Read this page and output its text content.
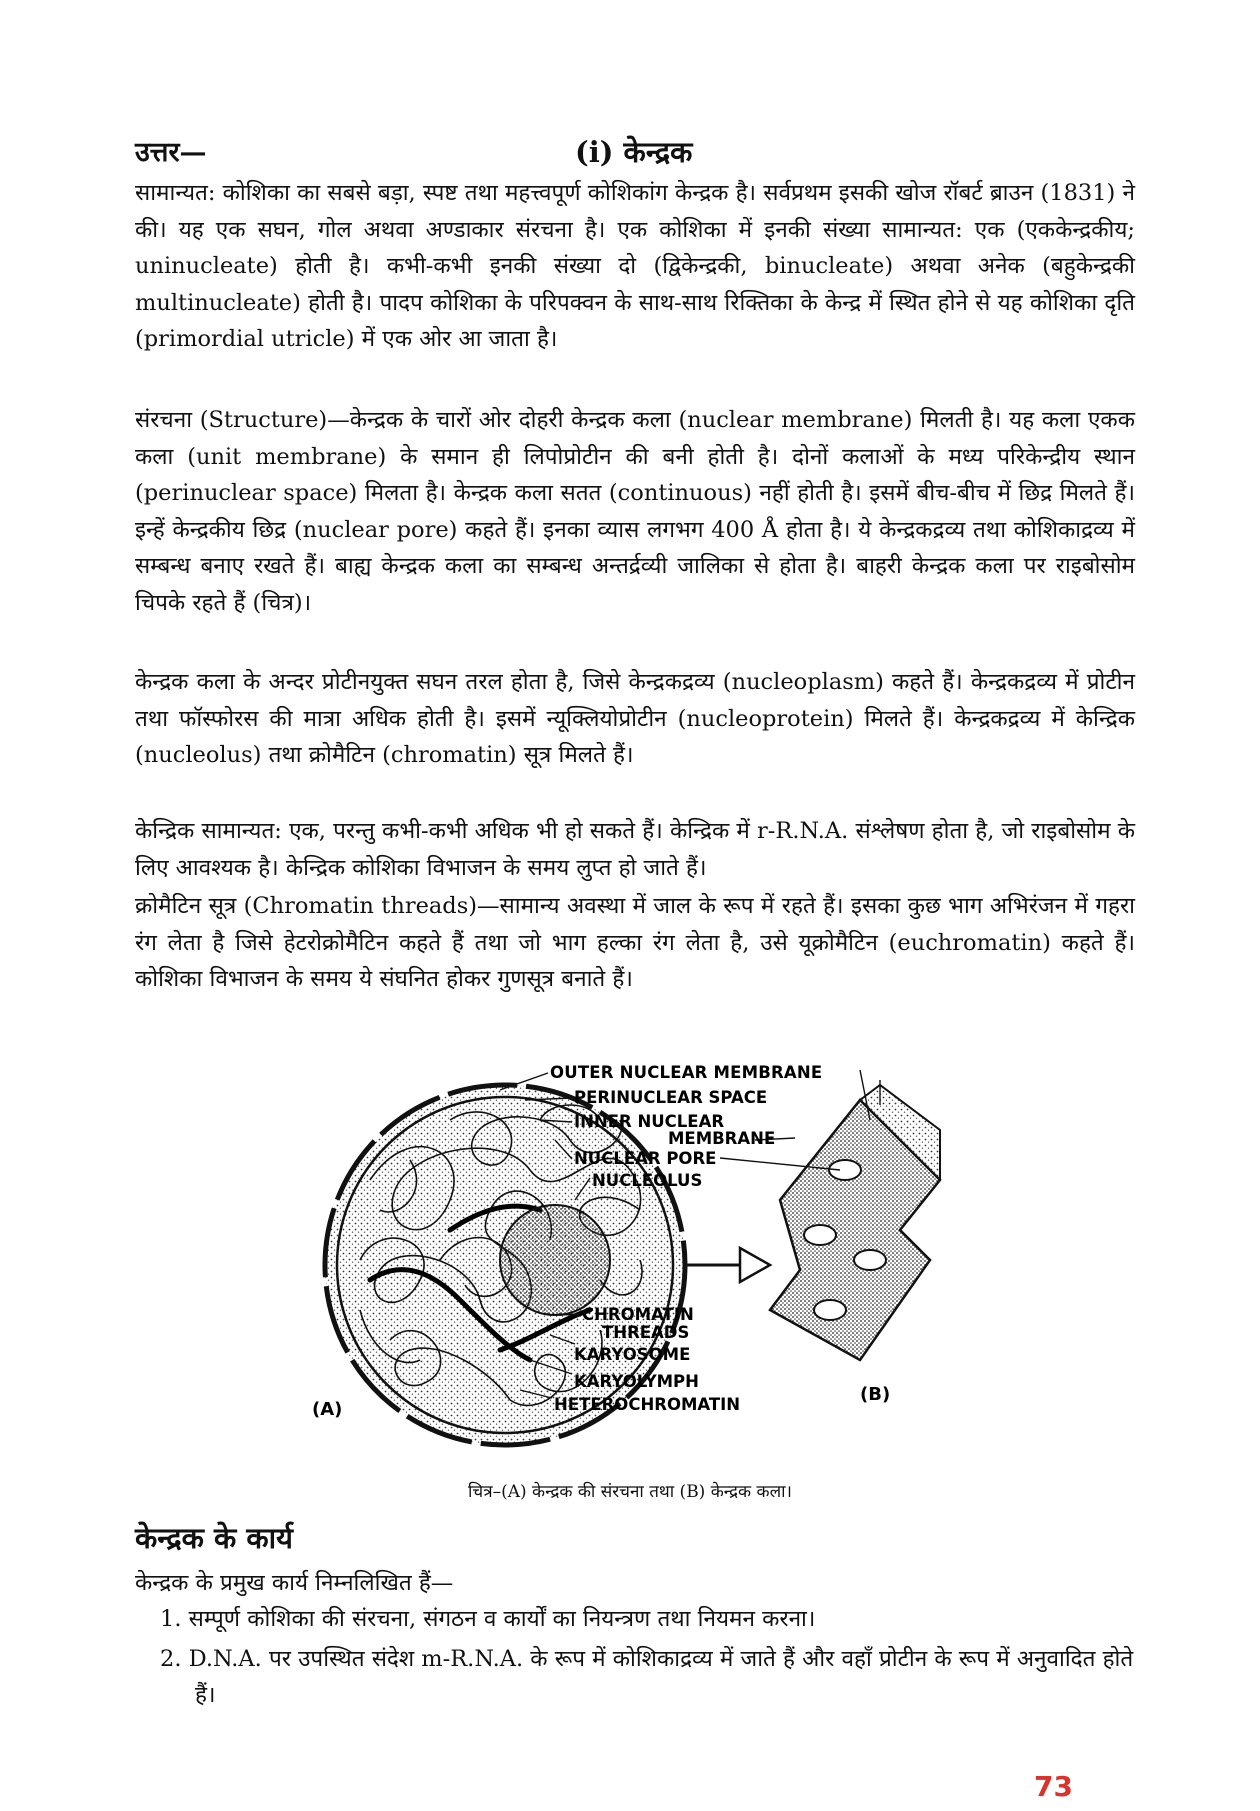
उत्तर—	(i) केन्द्रक

सामान्यत: कोशिका का सबसे बड़ा, स्पष्ट तथा महत्त्वपूर्ण कोशिकांग केन्द्रक है। सर्वप्रथम इसकी खोज रॉबर्ट ब्राउन (1831) ने की। यह एक सघन, गोल अथवा अण्डाकार संरचना है। एक कोशिका में इनकी संख्या सामान्यत: एक (एककेन्द्रकीय; uninucleate) होती है। कभी-कभी इनकी संख्या दो (द्विकेन्द्रकी, binucleate) अथवा अनेक (बहुकेन्द्रकी multinucleate) होती है। पादप कोशिका के परिपक्वन के साथ-साथ रिक्तिका के केन्द्र में स्थित होने से यह कोशिका दृति (primordial utricle) में एक ओर आ जाता है।

संरचना (Structure)—केन्द्रक के चारों ओर दोहरी केन्द्रक कला (nuclear membrane) मिलती है। यह कला एकक कला (unit membrane) के समान ही लिपोप्रोटीन की बनी होती है। दोनों कलाओं के मध्य परिकेन्द्रीय स्थान (perinuclear space) मिलता है। केन्द्रक कला सतत (continuous) नहीं होती है। इसमें बीच-बीच में छिद्र मिलते हैं। इन्हें केन्द्रकीय छिद्र (nuclear pore) कहते हैं। इनका व्यास लगभग 400 Å होता है। ये केन्द्रकद्रव्य तथा कोशिकाद्रव्य में सम्बन्ध बनाए रखते हैं। बाह्य केन्द्रक कला का सम्बन्ध अन्तर्द्रव्यी जालिका से होता है। बाहरी केन्द्रक कला पर राइबोसोम चिपके रहते हैं (चित्र)।

केन्द्रक कला के अन्दर प्रोटीनयुक्त सघन तरल होता है, जिसे केन्द्रकद्रव्य (nucleoplasm) कहते हैं। केन्द्रकद्रव्य में प्रोटीन तथा फॉस्फोरस की मात्रा अधिक होती है। इसमें न्यूक्लियोप्रोटीन (nucleoprotein) मिलते हैं। केन्द्रकद्रव्य में केन्द्रिक (nucleolus) तथा क्रोमैटिन (chromatin) सूत्र मिलते हैं।

केन्द्रिक सामान्यत: एक, परन्तु कभी-कभी अधिक भी हो सकते हैं। केन्द्रिक में r-R.N.A. संश्लेषण होता है, जो राइबोसोम के लिए आवश्यक है। केन्द्रिक कोशिका विभाजन के समय लुप्त हो जाते हैं।

क्रोमैटिन सूत्र (Chromatin threads)—सामान्य अवस्था में जाल के रूप में रहते हैं। इसका कुछ भाग अभिरंजन में गहरा रंग लेता है जिसे हेटरोक्रोमैटिन कहते हैं तथा जो भाग हल्का रंग लेता है, उसे यूक्रोमैटिन (euchromatin) कहते हैं। कोशिका विभाजन के समय ये संघनित होकर गुणसूत्र बनाते हैं।

OUTER NUCLEAR MEMBRANE
PERINUCLEAR SPACE
INNER NUCLEAR
MEMBRANE
NUCLEAR PORE
NUCLEOLUS
CHROMATIN
THREADS
KARYOSOME
KARYOLYMPH
HETEROCHROMATIN
(A)
(B)
चित्र–(A) केन्द्रक की संरचना तथा (B) केन्द्रक कला।
केन्द्रक के कार्य
केन्द्रक के प्रमुख कार्य निम्नलिखित हैं—
1. सम्पूर्ण कोशिका की संरचना, संगठन व कार्यों का नियन्त्रण तथा नियमन करना।
2. D.N.A. पर उपस्थित संदेश m-R.N.A. के रूप में कोशिकाद्रव्य में जाते हैं और वहाँ प्रोटीन के रूप में अनुवादित होते हैं।
73
